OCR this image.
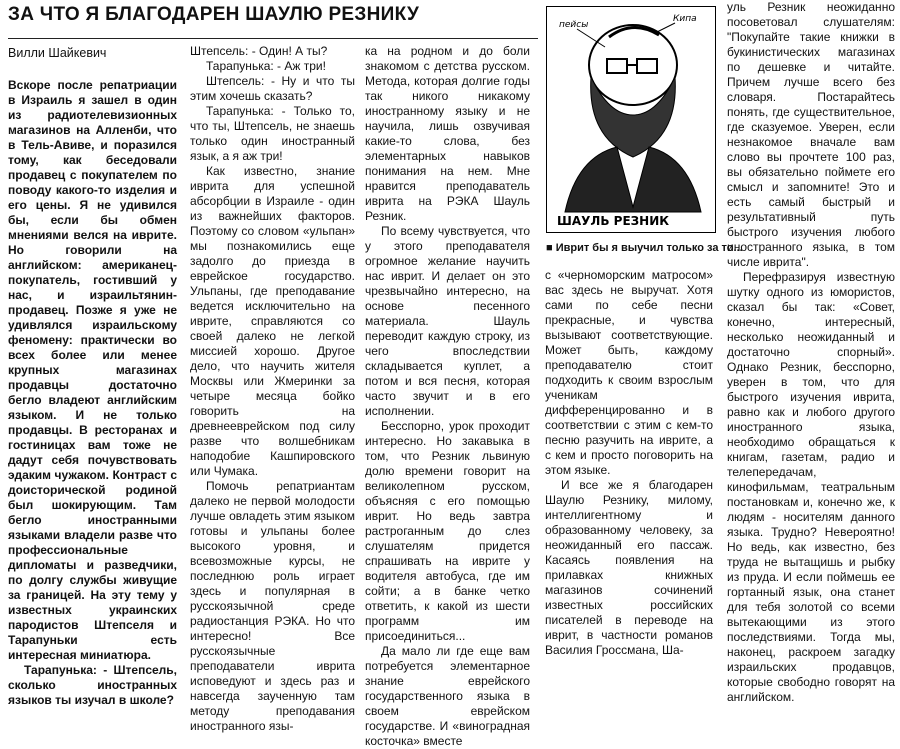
ЗА ЧТО Я БЛАГОДАРЕН ШАУЛЮ РЕЗНИКУ
Вилли Шайкевич

Вскоре после репатриации в Израиль я зашел в один из радиотелевизионных магазинов на Алленби, что в Тель-Авиве, и поразился тому, как беседовали продавец с покупателем по поводу какого-то изделия и его цены. Я не удивился бы, если бы обмен мнениями велся на иврите. Но говорили на английском: американец-покупатель, гостивший у нас, и израильтянин-продавец. Позже я уже не удивлялся израильскому феномену: практически во всех более или менее крупных магазинах продавцы достаточно бегло владеют английским языком. И не только продавцы. В ресторанах и гостиницах вам тоже не дадут себя почувствовать эдаким чужаком. Контраст с доисторической родиной был шокирующим. Там бегло иностранными языками владели разве что профессиональные дипломаты и разведчики, по долгу службы живущие за границей. На эту тему у известных украинских пародистов Штепселя и Тарапуньки есть интересная миниатюра.

Тарапунька: - Штепсель, сколько иностранных языков ты изучал в школе?

Штепсель: - Один! А ты?

Тарапунька: - Аж три!

Штепсель: - Ну и что ты этим хочешь сказать?

Тарапунька: - Только то, что ты, Штепсель, не знаешь только один иностранный язык, а я аж три!

Как известно, знание иврита для успешной абсорбции в Израиле - один из важнейших факторов. Поэтому со словом «ульпан» мы познакомились еще задолго до приезда в еврейское государство. Ульпаны, где преподавание ведется исключительно на иврите, справляются со своей далеко не легкой миссией хорошо. Другое дело, что научить жителя Москвы или Жмеринки за четыре месяца бойко говорить на древнееврейском под силу разве что волшебникам наподобие Кашпировского или Чумака.

Помочь репатриантам далеко не первой молодости лучше овладеть этим языком готовы и ульпаны более высокого уровня, и всевозможные курсы, не последнюю роль играет здесь и популярная в русскоязычной среде радиостанция РЭКА. Но что интересно! Все русскоязычные преподаватели иврита исповедуют и здесь раз и навсегда заученную там методу преподавания иностранного язы-

ка на родном и до боли знакомом с детства русском. Метода, которая долгие годы так никого никакому иностранному языку и не научила, лишь озвучивая какие-то слова, без элементарных навыков понимания на нем. Мне нравится преподаватель иврита на РЭКА Шауль Резник.

По всему чувствуется, что у этого преподавателя огромное желание научить нас иврит. И делает он это чрезвычайно интересно, на основе песенного материала. Шауль переводит каждую строку, из чего впоследствии складывается куплет, а потом и вся песня, которая часто звучит и в его исполнении.

Бесспорно, урок проходит интересно. Но закавыка в том, что Резник львиную долю времени говорит на великолепном русском, объясняя с его помощью иврит. Но ведь завтра растроганным до слез слушателям придется спрашивать на иврите у водителя автобуса, где им сойти; а в банке четко ответить, к какой из шести программ им присоединиться...

Да мало ли где еще вам потребуется элементарное знание еврейского государственного языка в своем еврейском государстве. И «виноградная косточка» вместе

пейсы
Кипа
ШАУЛЬ РЕЗНИК
■ Иврит бы я выучил только за то...

с «черноморским матросом» вас здесь не выручат. Хотя сами по себе песни прекрасные, и чувства вызывают соответствующие. Может быть, каждому преподавателю стоит подходить к своим взрослым ученикам дифференцированно и в соответствии с этим с кем-то песню разучить на иврите, а с кем и просто поговорить на этом языке.

И все же я благодарен Шаулю Резнику, милому, интеллигентному и образованному человеку, за неожиданный его пассаж. Касаясь появления на прилавках книжных магазинов сочинений известных российских писателей в переводе на иврит, в частности романов Василия Гроссмана, Ша-

уль Резник неожиданно посоветовал слушателям: "Покупайте такие книжки в букинистических магазинах по дешевке и читайте. Причем лучше всего без словаря. Постарайтесь понять, где существительное, где сказуемое. Уверен, если незнакомое вначале вам слово вы прочтете 100 раз, вы обязательно поймете его смысл и запомните! Это и есть самый быстрый и результативный путь быстрого изучения любого иностранного языка, в том числе иврита".

Перефразируя известную шутку одного из юмористов, сказал бы так: «Совет, конечно, интересный, несколько неожиданный и достаточно спорный». Однако Резник, бесспорно, уверен в том, что для быстрого изучения иврита, равно как и любого другого иностранного языка, необходимо обращаться к книгам, газетам, радио и телепередачам, кинофильмам, театральным постановкам и, конечно же, к людям - носителям данного языка. Трудно? Невероятно! Но ведь, как известно, без труда не вытащишь и рыбку из пруда. И если поймешь ее гортанный язык, она станет для тебя золотой со всеми вытекающими из этого последствиями. Тогда мы, наконец, раскроем загадку израильских продавцов, которые свободно говорят на английском.
